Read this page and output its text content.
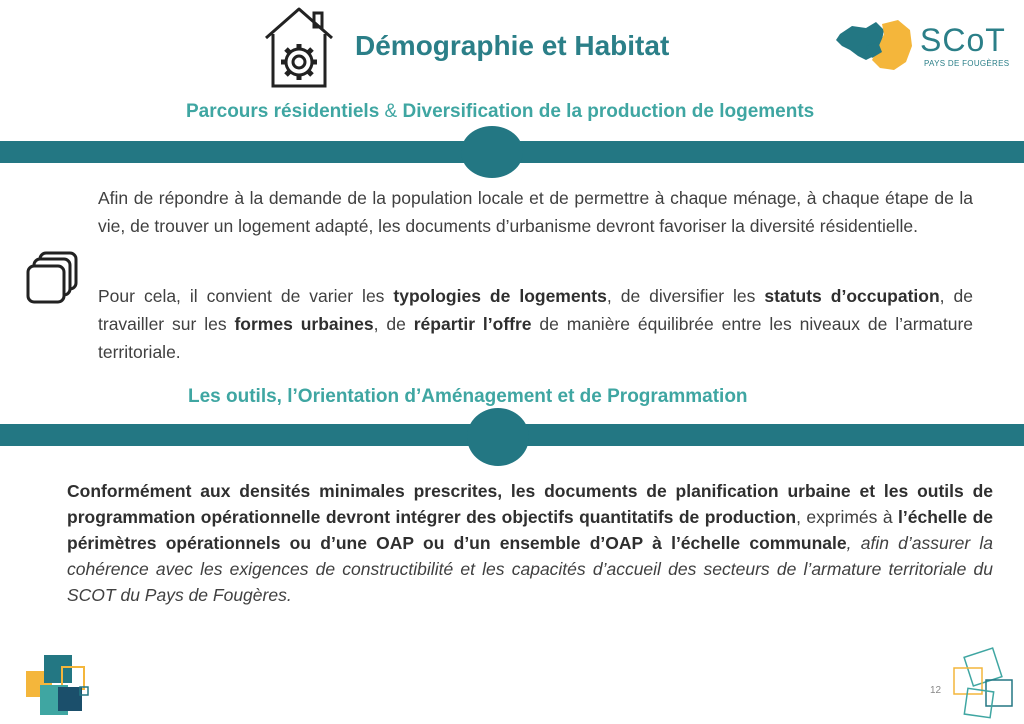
Démographie et Habitat	SCoT
PAYS DE FOUGÈRES
Parcours résidentiels & Diversification de la production de logements
Afin de répondre à la demande de la population locale et de permettre à chaque ménage, à chaque étape de la vie, de trouver un logement adapté, les documents d’urbanisme devront favoriser la diversité résidentielle.
Pour cela, il convient de varier les typologies de logements, de diversifier les statuts d’occupation, de travailler sur les formes urbaines, de répartir l’offre de manière équilibrée entre les niveaux de l’armature territoriale.
Les outils, l’Orientation d’Aménagement et de Programmation
Conformément aux densités minimales prescrites, les documents de planification urbaine et les outils de programmation opérationnelle devront intégrer des objectifs quantitatifs de production, exprimés à l’échelle de périmètres opérationnels ou d’une OAP ou d’un ensemble d’OAP à l’échelle communale, afin d’assurer la cohérence avec les exigences de constructibilité et les capacités d’accueil des secteurs de l’armature territoriale du SCOT du Pays de Fougères.
12
